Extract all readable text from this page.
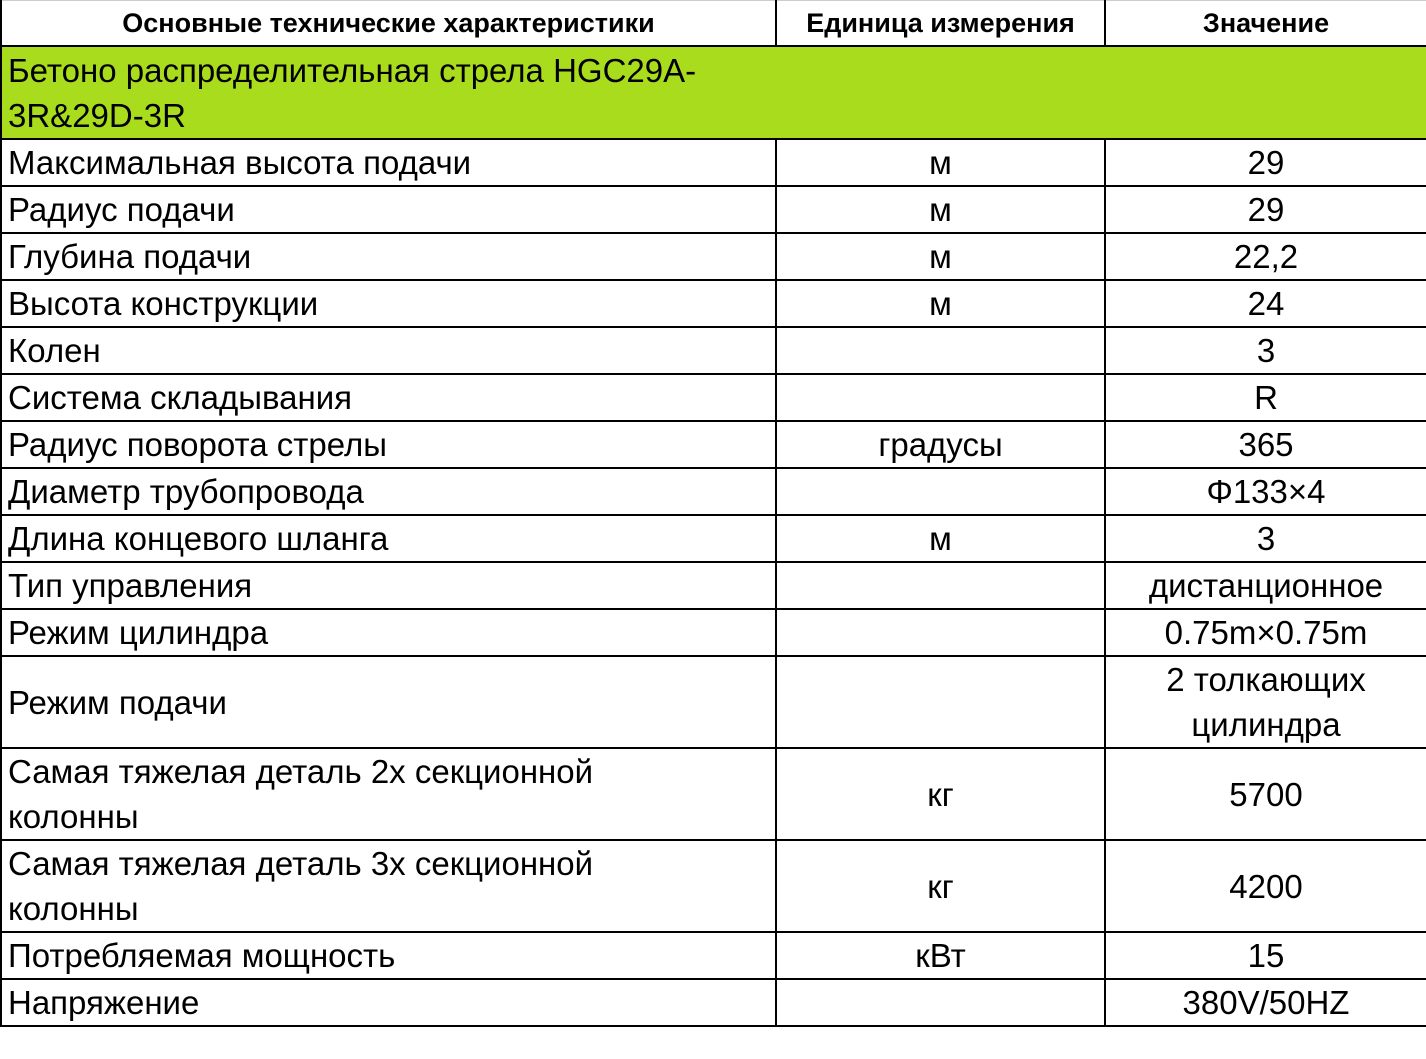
Основные технические характеристики	Единица измерения	Значение
Бетоно распределительная стрела HGC29A-3R&29D-3R		
Максимальная высота подачи	м	29
Радиус подачи	м	29
Глубина подачи	м	22,2
Высота конструкции	м	24
Колен		3
Система складывания		R
Радиус поворота стрелы	градусы	365
Диаметр трубопровода		Φ133×4
Длина концевого шланга	м	3
Тип управления		дистанционное
Режим цилиндра		0.75m×0.75m
Режим подачи		2 толкающих цилиндра
Самая тяжелая деталь 2х секционной колонны	кг	5700
Самая тяжелая деталь 3х секционной колонны	кг	4200
Потребляемая мощность	кВт	15
Напряжение		380V/50HZ
